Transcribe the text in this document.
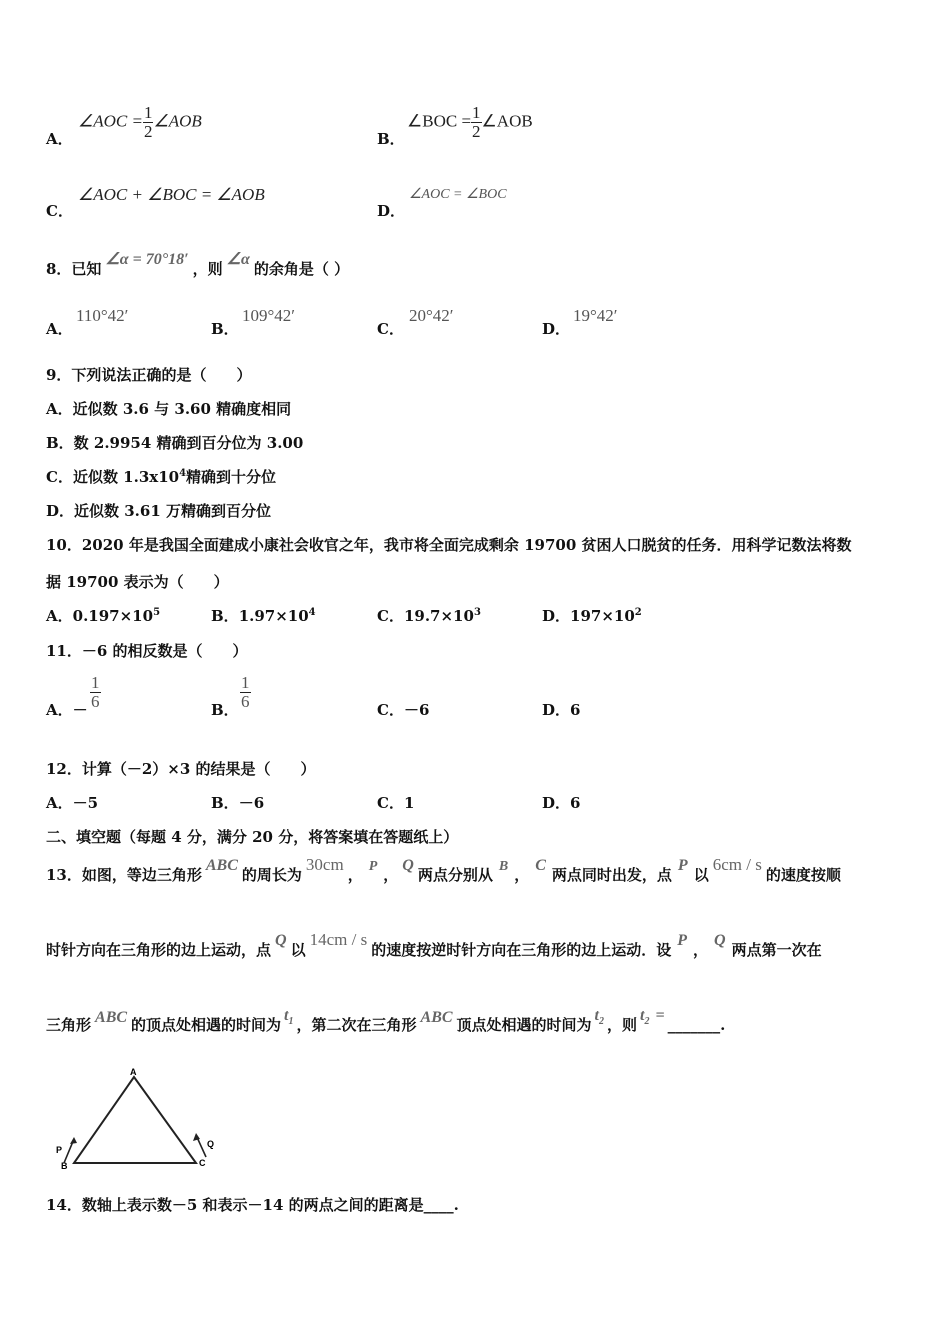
A．
∠AOC = $\frac{1}{2}$ ∠AOB
B．
∠BOC = $\frac{1}{2}$ ∠AOB
C．
∠AOC + ∠BOC = ∠AOB
D．
∠AOC = ∠BOC
8．已知∠α = 70°18′，则∠α的余角是（ ）
A．
110°42′
B．
109°42′
C．
20°42′
D．
19°42′
9．下列说法正确的是（　　）
A．近似数 3.6 与 3.60 精确度相同
B．数 2.9954 精确到百分位为 3.00
C．近似数 $1.3x10^4$精确到十分位
D．近似数 3.61 万精确到百分位
10．2020 年是我国全面建成小康社会收官之年，我市将全面完成剩余 19700 贫困人口脱贫的任务．用科学记数法将数
据 19700 表示为（　　）
A．$0.197\times 10^5$	B．$1.97\times 10^4$	C．$19.7\times 10^3$	D．$197\times 10^2$
11．－6 的相反数是（　　）
A．－ $\frac{1}{6}$	B． $\frac{1}{6}$	C．－6	D．6
12．计算（－2）×3 的结果是（　　）
A．－5	B．－6	C．1	D．6
二、填空题（每题 4 分，满分 20 分，将答案填在答题纸上）
13．如图，等边三角形ABC的周长为30cm， P ，Q两点分别从 B ，C两点同时出发，点P以6cm / s的速度按顺
时针方向在三角形的边上运动，点Q以14cm / s的速度按逆时针方向在三角形的边上运动．设P，Q两点第一次在
三角形 ABC 的顶点处相遇的时间为$t_1$ ，第二次在三角形 ABC 顶点处相遇的时间为$t_2$ ，则$t_2$ =_______.
A
B	C
P
Q
14．数轴上表示数－5 和表示－14 的两点之间的距离是____.
